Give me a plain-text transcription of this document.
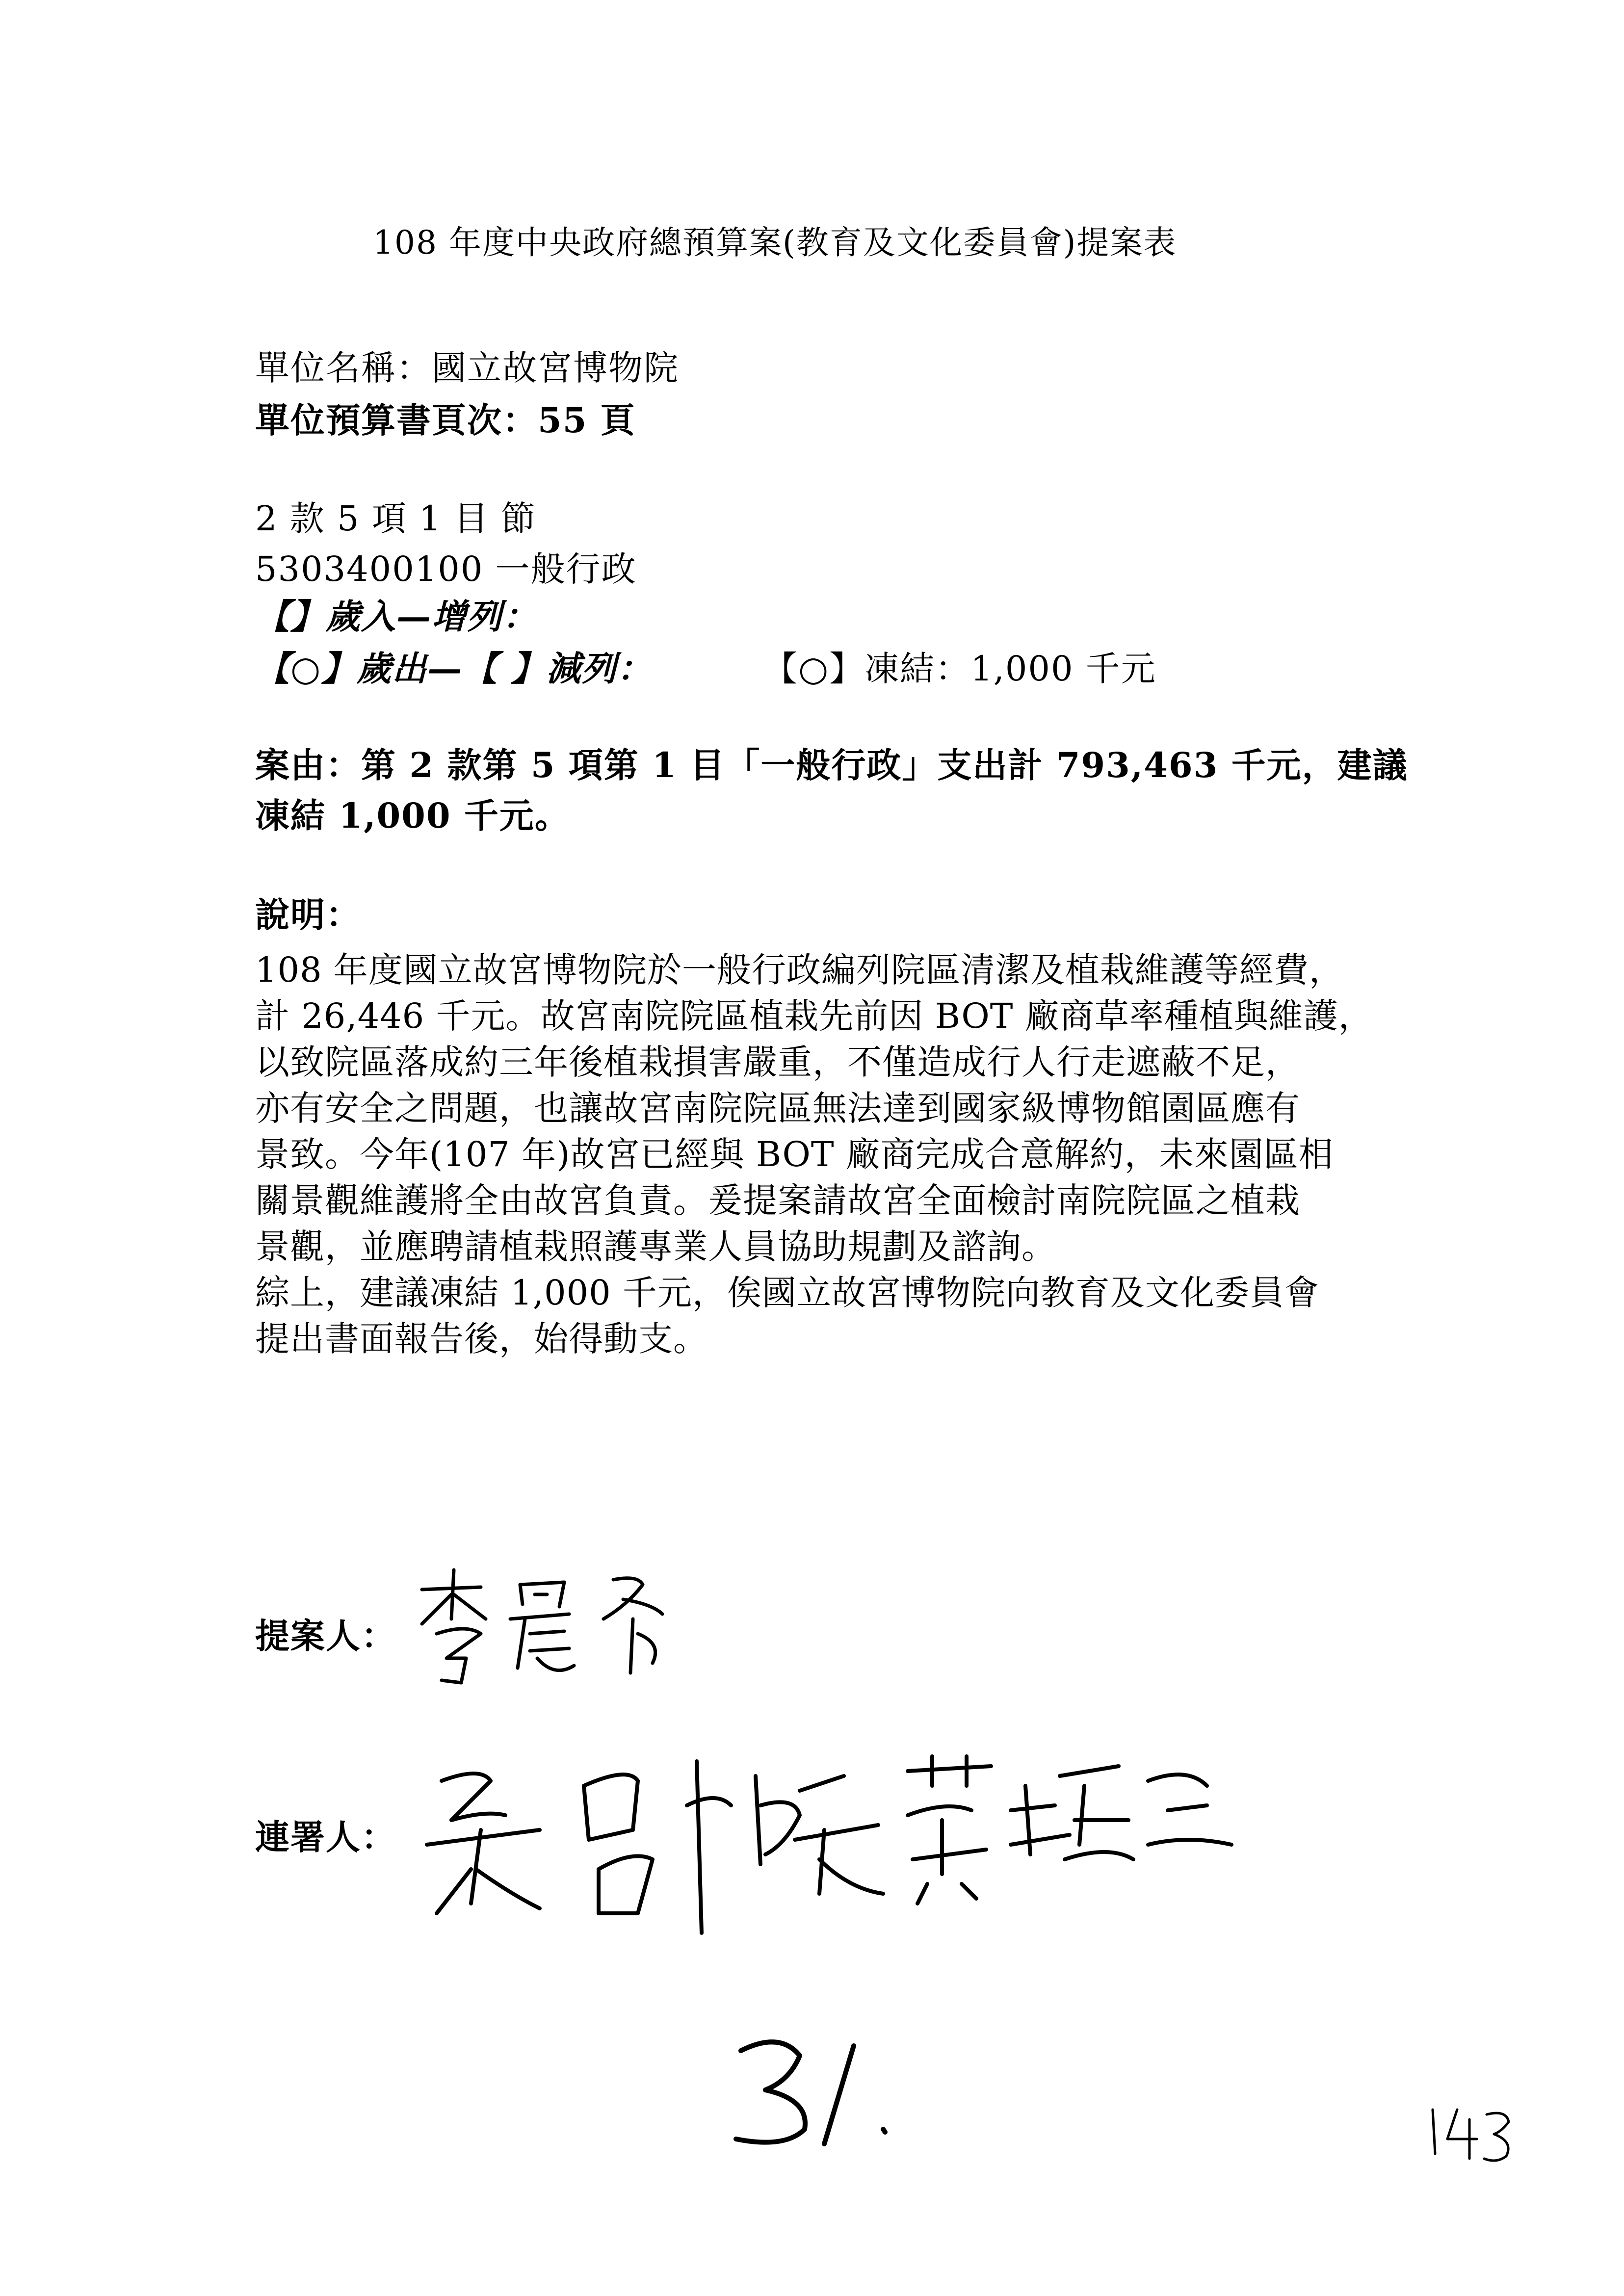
108 年度中央政府總預算案(教育及文化委員會)提案表
單位名稱：國立故宮博物院
單位預算書頁次：55 頁
2 款 5 項 1 目 節
5303400100 一般行政
【】歲入—增列：
【○】歲出—【 】減列：	【○】凍結：1,000 千元
案由：第 2 款第 5 項第 1 目「一般行政」支出計 793,463 千元，建議
凍結 1,000 千元。
說明：
108 年度國立故宮博物院於一般行政編列院區清潔及植栽維護等經費，
計 26,446 千元。故宮南院院區植栽先前因 BOT 廠商草率種植與維護，
以致院區落成約三年後植栽損害嚴重，不僅造成行人行走遮蔽不足，
亦有安全之問題，也讓故宮南院院區無法達到國家級博物館園區應有
景致。今年(107 年)故宮已經與 BOT 廠商完成合意解約，未來園區相
關景觀維護將全由故宮負責。爰提案請故宮全面檢討南院院區之植栽
景觀，並應聘請植栽照護專業人員協助規劃及諮詢。
綜上，建議凍結 1,000 千元，俟國立故宮博物院向教育及文化委員會
提出書面報告後，始得動支。
提案人：
連署人：
